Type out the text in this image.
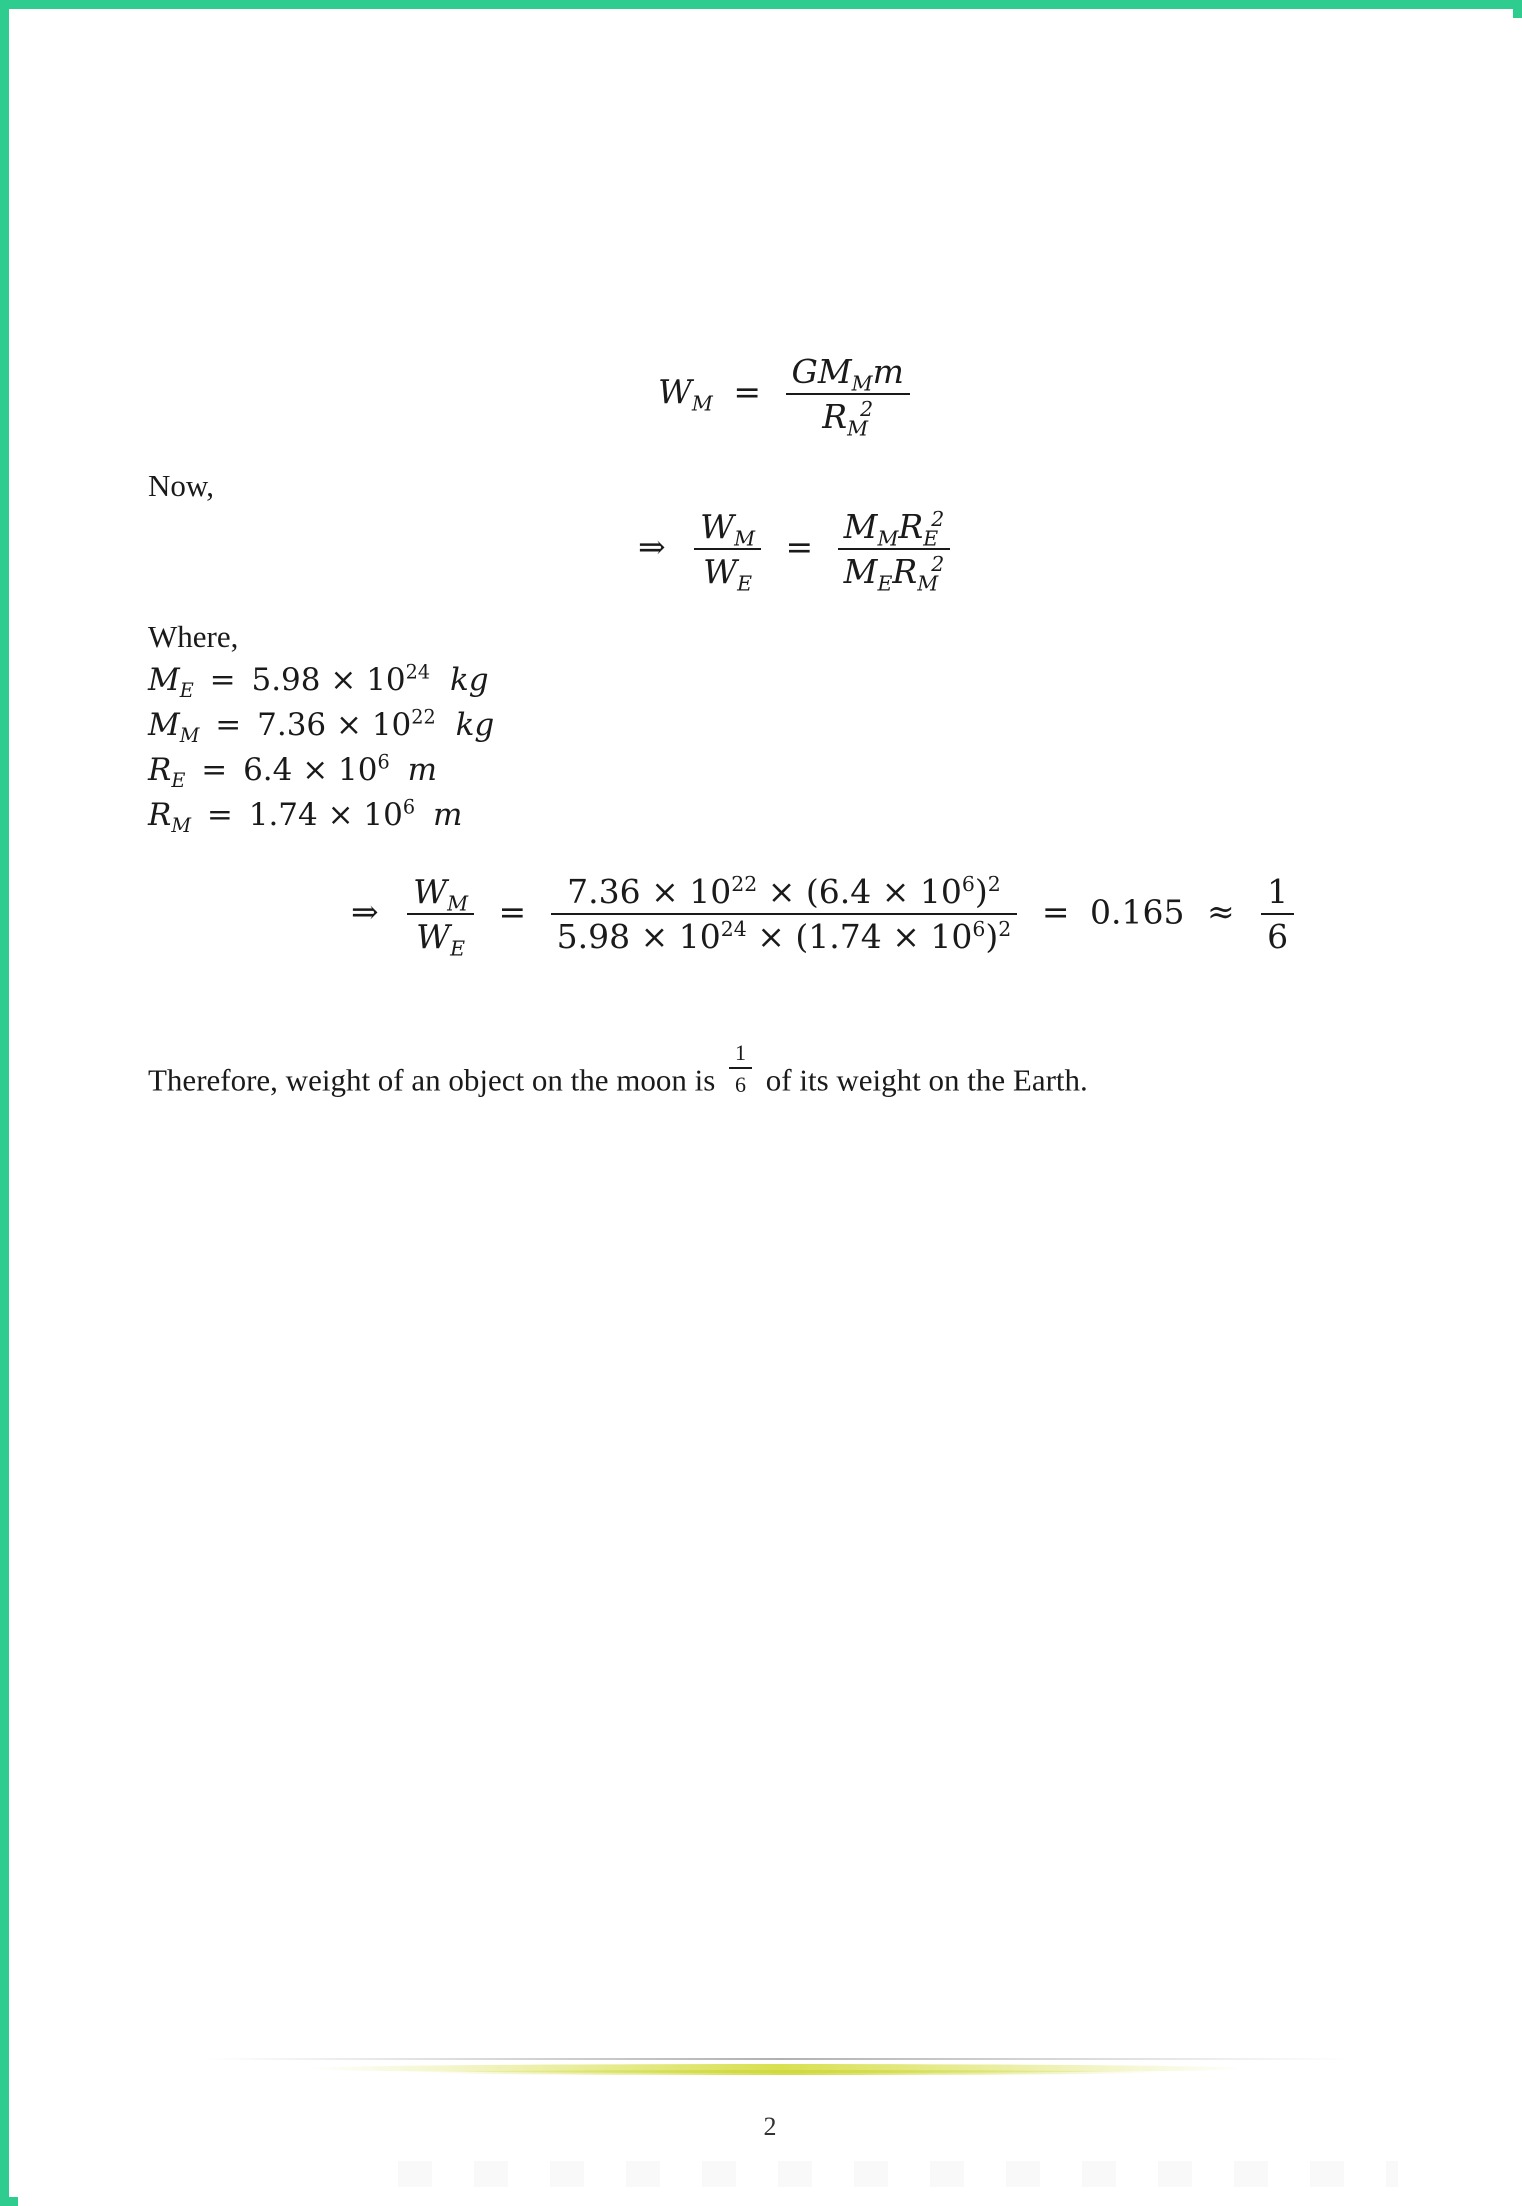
$W_M = \frac{GM_Mm}{R_M^2}$
Now,
⇒ $\frac{W_M}{W_E} = \frac{M_MR_E^2}{M_ER_M^2}$
Where,
$M_E = 5.98 \times 10^{24}$ kg
$M_M = 7.36 \times 10^{22}$ kg
$R_E = 6.4 \times 10^6$ m
$R_M = 1.74 \times 10^6$ m
⇒ $\frac{W_M}{W_E} = \frac{7.36 \times 10^{22} \times (6.4 \times 10^6)^2}{5.98 \times 10^{24} \times (1.74 \times 10^6)^2} = 0.165 \approx \frac{1}{6}$
Therefore, weight of an object on the moon is $\frac{1}{6}$ of its weight on the Earth.
2
